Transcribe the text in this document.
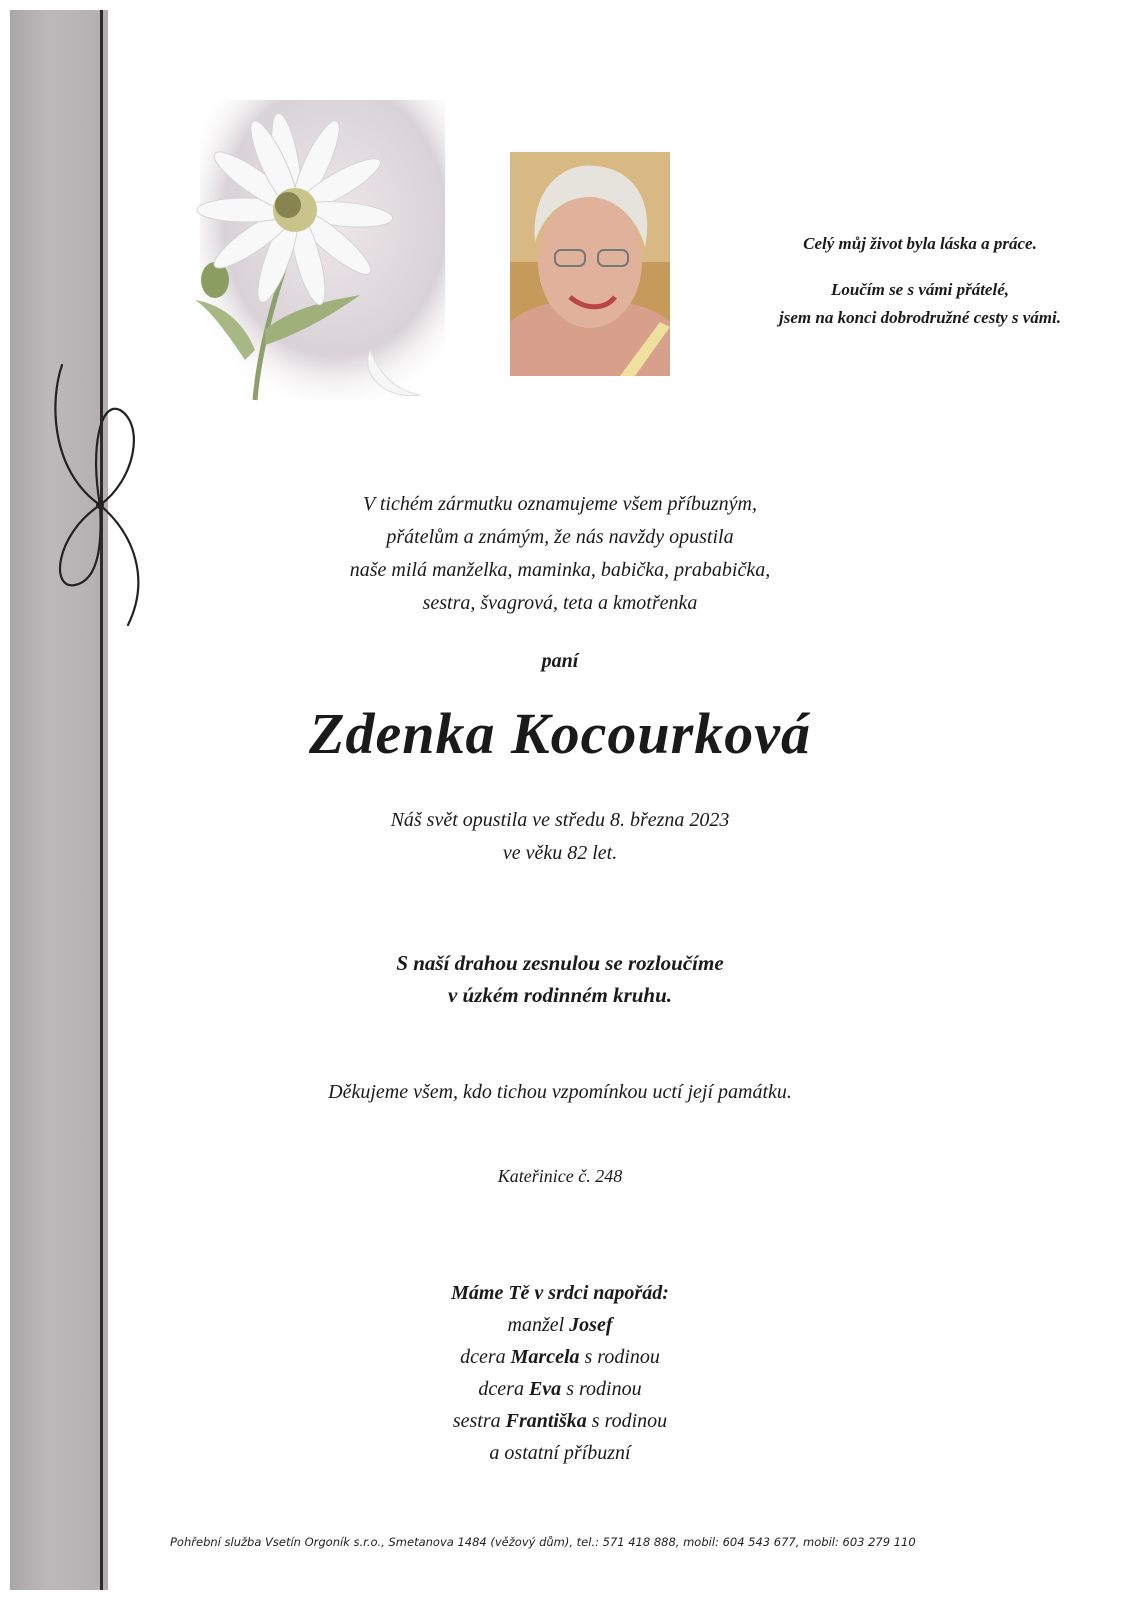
Celý můj život byla láska a práce.

Loučím se s vámi přátelé,

jsem na konci dobrodružné cesty s vámi.

V tichém zármutku oznamujeme všem příbuzným,
přátelům a známým, že nás navždy opustila
naše milá manželka, maminka, babička, prababička,
sestra, švagrová, teta a kmotřenka
paní
Zdenka Kocourková
Náš svět opustila ve středu 8. března 2023
ve věku 82 let.
S naší drahou zesnulou se rozloučíme
v úzkém rodinném kruhu.
Děkujeme všem, kdo tichou vzpomínkou uctí její památku.
Kateřinice č. 248
Máme Tě v srdci napořád:
manžel Josef
dcera Marcela s rodinou
dcera Eva s rodinou
sestra Františka s rodinou
a ostatní příbuzní
Pohřební služba Vsetín Orgoník s.r.o., Smetanova 1484 (věžový dům), tel.: 571 418 888, mobil: 604 543 677, mobil: 603 279 110
